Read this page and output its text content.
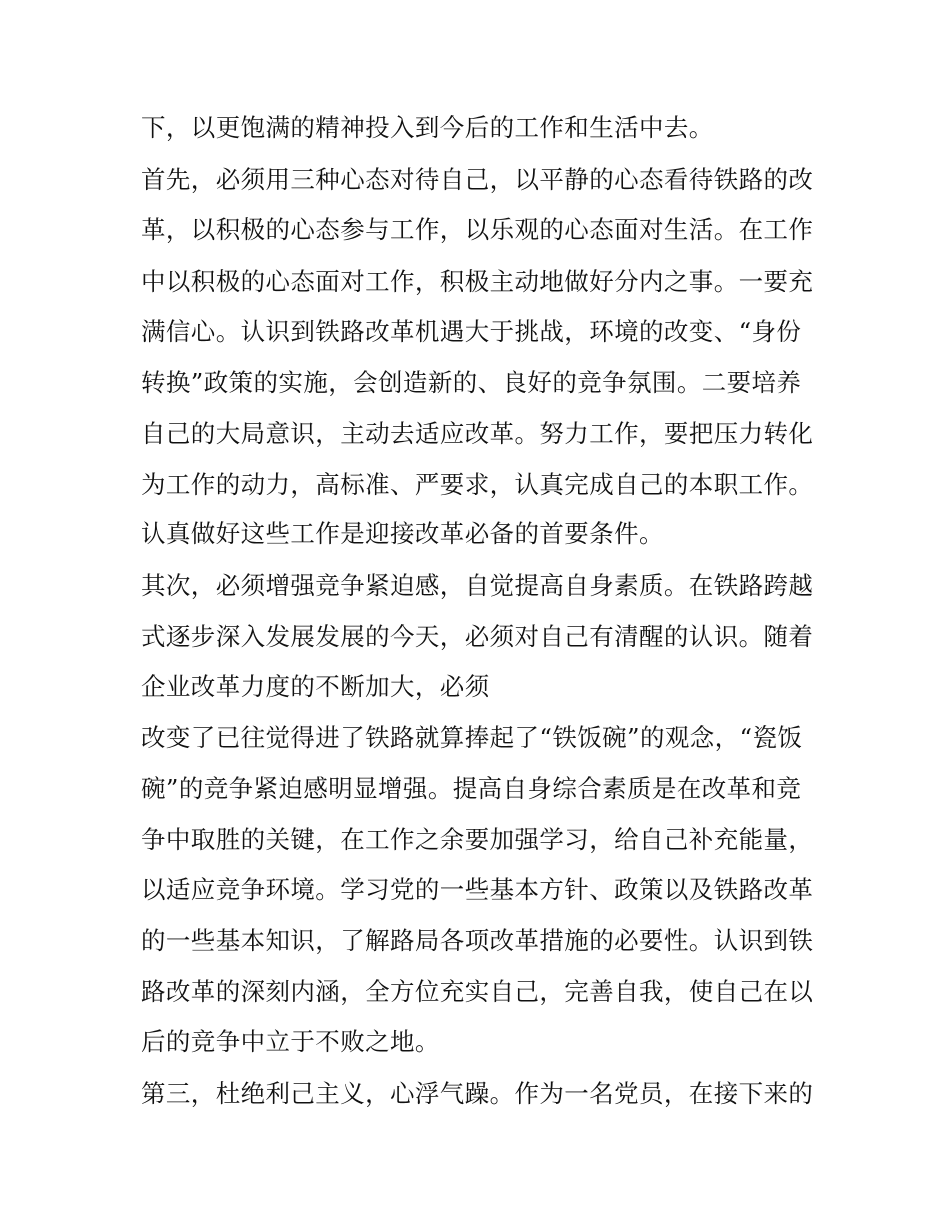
下，以更饱满的精神投入到今后的工作和生活中去。
首先，必须用三种心态对待自己，以平静的心态看待铁路的改
革，以积极的心态参与工作，以乐观的心态面对生活。在工作
中以积极的心态面对工作，积极主动地做好分内之事。一要充
满信心。认识到铁路改革机遇大于挑战，环境的改变、“身份
转换”政策的实施，会创造新的、良好的竞争氛围。二要培养
自己的大局意识，主动去适应改革。努力工作，要把压力转化
为工作的动力，高标准、严要求，认真完成自己的本职工作。
认真做好这些工作是迎接改革必备的首要条件。
其次，必须增强竞争紧迫感，自觉提高自身素质。在铁路跨越
式逐步深入发展发展的今天，必须对自己有清醒的认识。随着
企业改革力度的不断加大，必须
改变了已往觉得进了铁路就算捧起了“铁饭碗”的观念，“瓷饭
碗”的竞争紧迫感明显增强。提高自身综合素质是在改革和竞
争中取胜的关键，在工作之余要加强学习，给自己补充能量，
以适应竞争环境。学习党的一些基本方针、政策以及铁路改革
的一些基本知识，了解路局各项改革措施的必要性。认识到铁
路改革的深刻内涵，全方位充实自己，完善自我，使自己在以
后的竞争中立于不败之地。
第三，杜绝利己主义，心浮气躁。作为一名党员，在接下来的
